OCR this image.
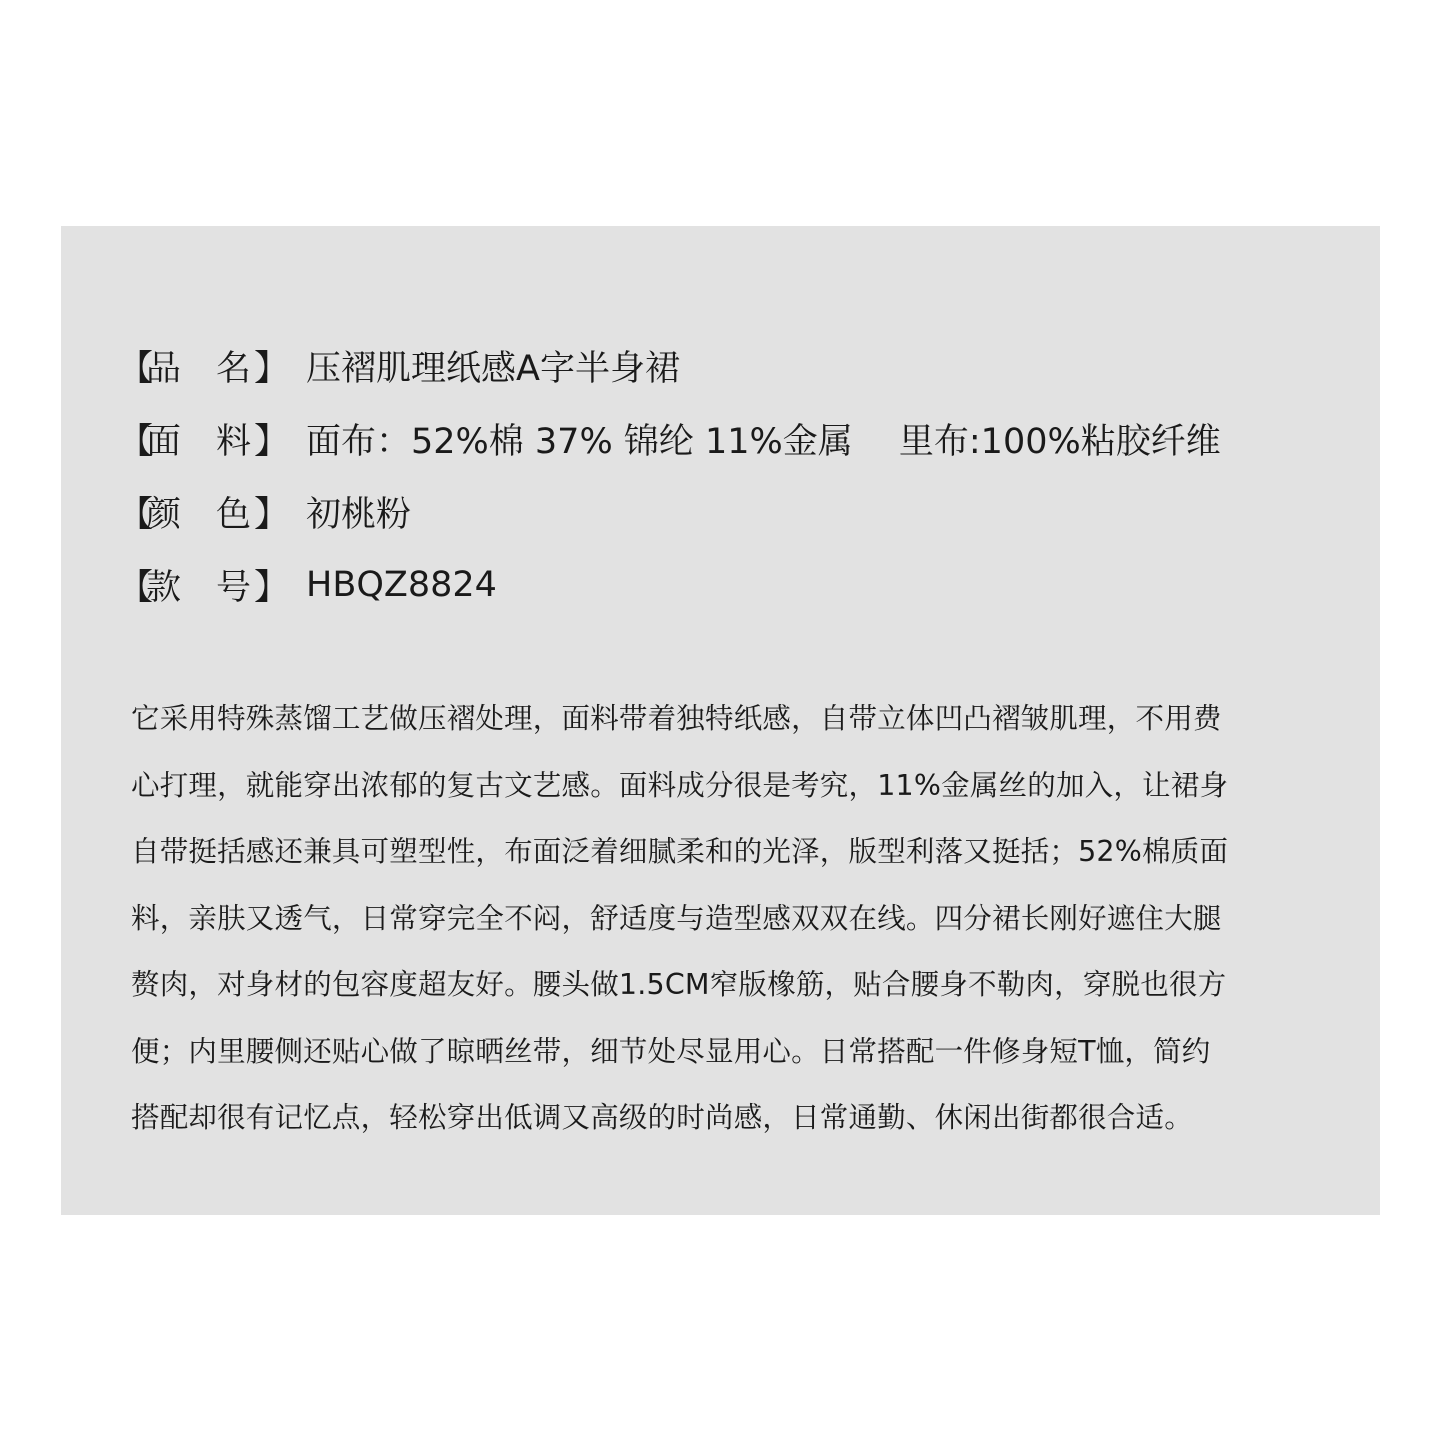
【
品 名 】 压褶肌理纸感A字半身裙
【
面 料 】 面布：52%棉 37% 锦纶 11%金属　 里布:100%粘胶纤维
【
颜 色 】 初桃粉
【
款 号 】 HBQZ8824
它采用特殊蒸馏工艺做压褶处理，面料带着独特纸感，自带立体凹凸褶皱肌理，不用费
心打理，就能穿出浓郁的复古文艺感。面料成分很是考究，11%金属丝的加入，让裙身
自带挺括感还兼具可塑型性，布面泛着细腻柔和的光泽，版型利落又挺括；52%棉质面
料，亲肤又透气，日常穿完全不闷，舒适度与造型感双双在线。四分裙长刚好遮住大腿
赘肉，对身材的包容度超友好。腰头做1.5CM窄版橡筋，贴合腰身不勒肉，穿脱也很方
便；内里腰侧还贴心做了晾晒丝带，细节处尽显用心。日常搭配一件修身短T恤，简约
搭配却很有记忆点，轻松穿出低调又高级的时尚感，日常通勤、休闲出街都很合适。
